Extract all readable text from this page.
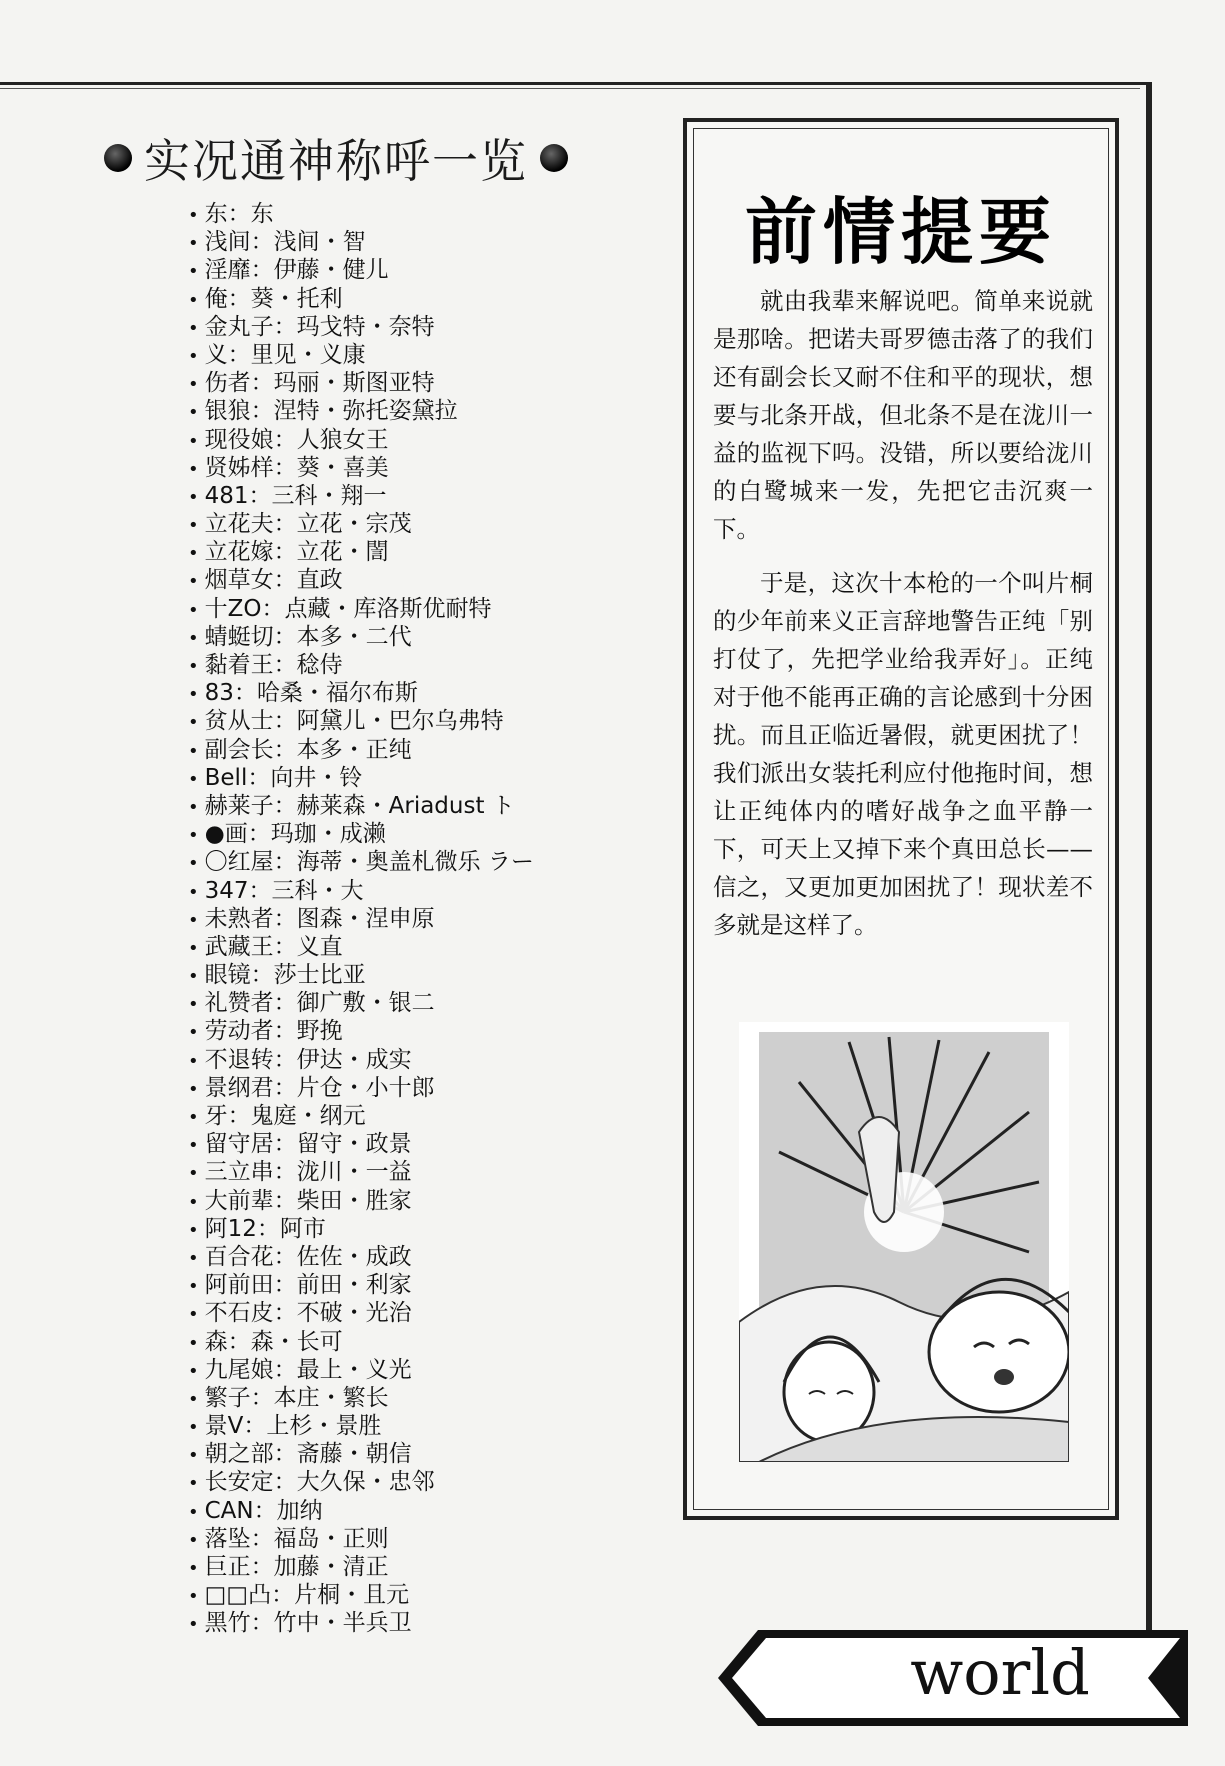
实况通神称呼一览
• 东：东
• 浅间：浅间・智
• 淫靡：伊藤・健儿
• 俺：葵・托利
• 金丸子：玛戈特・奈特
• 义：里见・义康
• 伤者：玛丽・斯图亚特
• 银狼：涅特・弥托姿黛拉
• 现役娘：人狼女王
• 贤姊样：葵・喜美
• 481：三科・翔一
• 立花夫：立花・宗茂
• 立花嫁：立花・誾
• 烟草女：直政
• 十ZO：点藏・库洛斯优耐特
• 蜻蜓切：本多・二代
• 黏着王：稔侍
• 83：哈桑・福尔布斯
• 贫从士：阿黛儿・巴尔乌弗特
• 副会长：本多・正纯
• Bell：向井・铃
• 赫莱子：赫莱森・Ariadust ト
• ●画：玛珈・成濑
• 〇红屋：海蒂・奥盖札微乐 ラー
• 347：三科・大
• 未熟者：图森・涅申原
• 武藏王：义直
• 眼镜：莎士比亚
• 礼赞者：御广敷・银二
• 劳动者：野挽
• 不退转：伊达・成实
• 景纲君：片仓・小十郎
• 牙：鬼庭・纲元
• 留守居：留守・政景
• 三立串：泷川・一益
• 大前辈：柴田・胜家
• 阿12：阿市
• 百合花：佐佐・成政
• 阿前田：前田・利家
• 不石皮：不破・光治
• 森：森・长可
• 九尾娘：最上・义光
• 繁子：本庄・繁长
• 景V：上杉・景胜
• 朝之部：斋藤・朝信
• 长安定：大久保・忠邻
• CAN：加纳
• 落坠：福岛・正则
• 巨正：加藤・清正
• □□凸：片桐・且元
• 黑竹：竹中・半兵卫
前情提要

就由我辈来解说吧。简单来说就是那啥。把诺夫哥罗德击落了的我们还有副会长又耐不住和平的现状，想要与北条开战，但北条不是在泷川一益的监视下吗。没错，所以要给泷川的白鹭城来一发，先把它击沉爽一下。

于是，这次十本枪的一个叫片桐的少年前来义正言辞地警告正纯「别打仗了，先把学业给我弄好」。正纯对于他不能再正确的言论感到十分困扰。而且正临近暑假，就更困扰了！我们派出女装托利应付他拖时间，想让正纯体内的嗜好战争之血平静一下，可天上又掉下来个真田总长——信之，又更加更加困扰了！现状差不多就是这样了。

world
